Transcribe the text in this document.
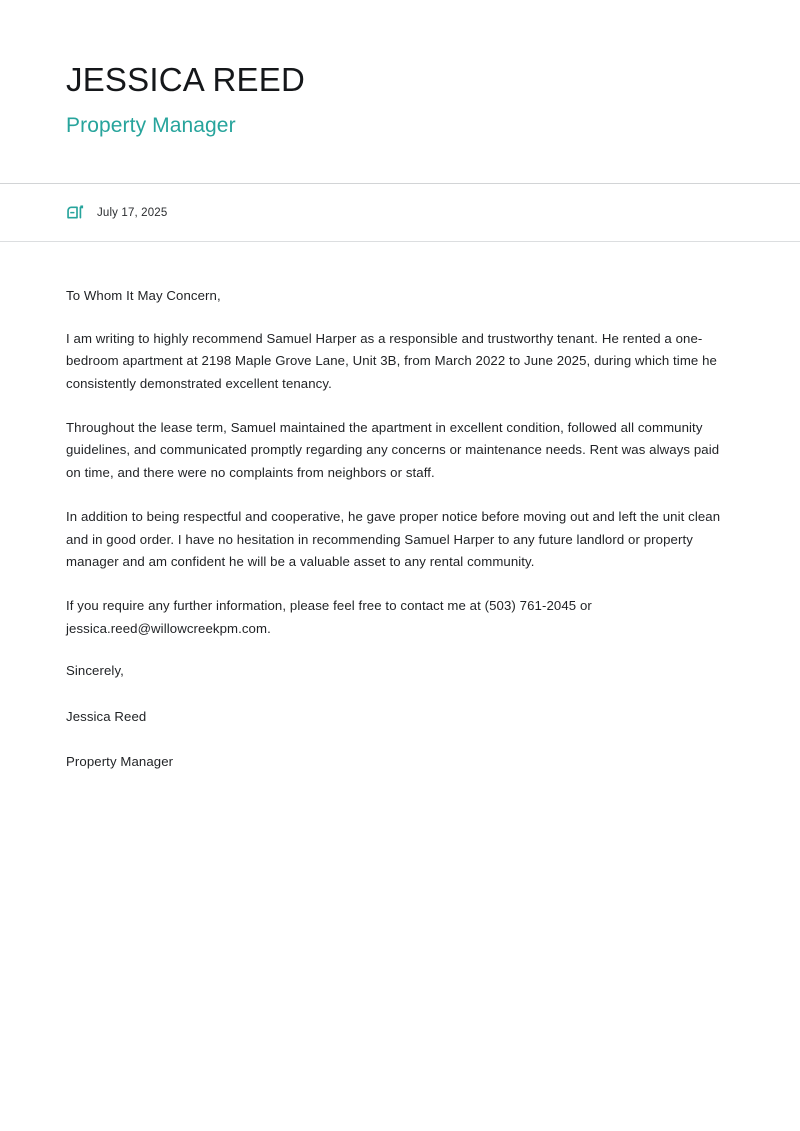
JESSICA REED
Property Manager
July 17, 2025

To Whom It May Concern,

I am writing to highly recommend Samuel Harper as a responsible and trustworthy tenant. He rented a one-bedroom apartment at 2198 Maple Grove Lane, Unit 3B, from March 2022 to June 2025, during which time he consistently demonstrated excellent tenancy.

Throughout the lease term, Samuel maintained the apartment in excellent condition, followed all community guidelines, and communicated promptly regarding any concerns or maintenance needs. Rent was always paid on time, and there were no complaints from neighbors or staff.

In addition to being respectful and cooperative, he gave proper notice before moving out and left the unit clean and in good order. I have no hesitation in recommending Samuel Harper to any future landlord or property manager and am confident he will be a valuable asset to any rental community.

If you require any further information, please feel free to contact me at (503) 761-2045 or jessica.reed@willowcreekpm.com.

Sincerely,

Jessica Reed

Property Manager
